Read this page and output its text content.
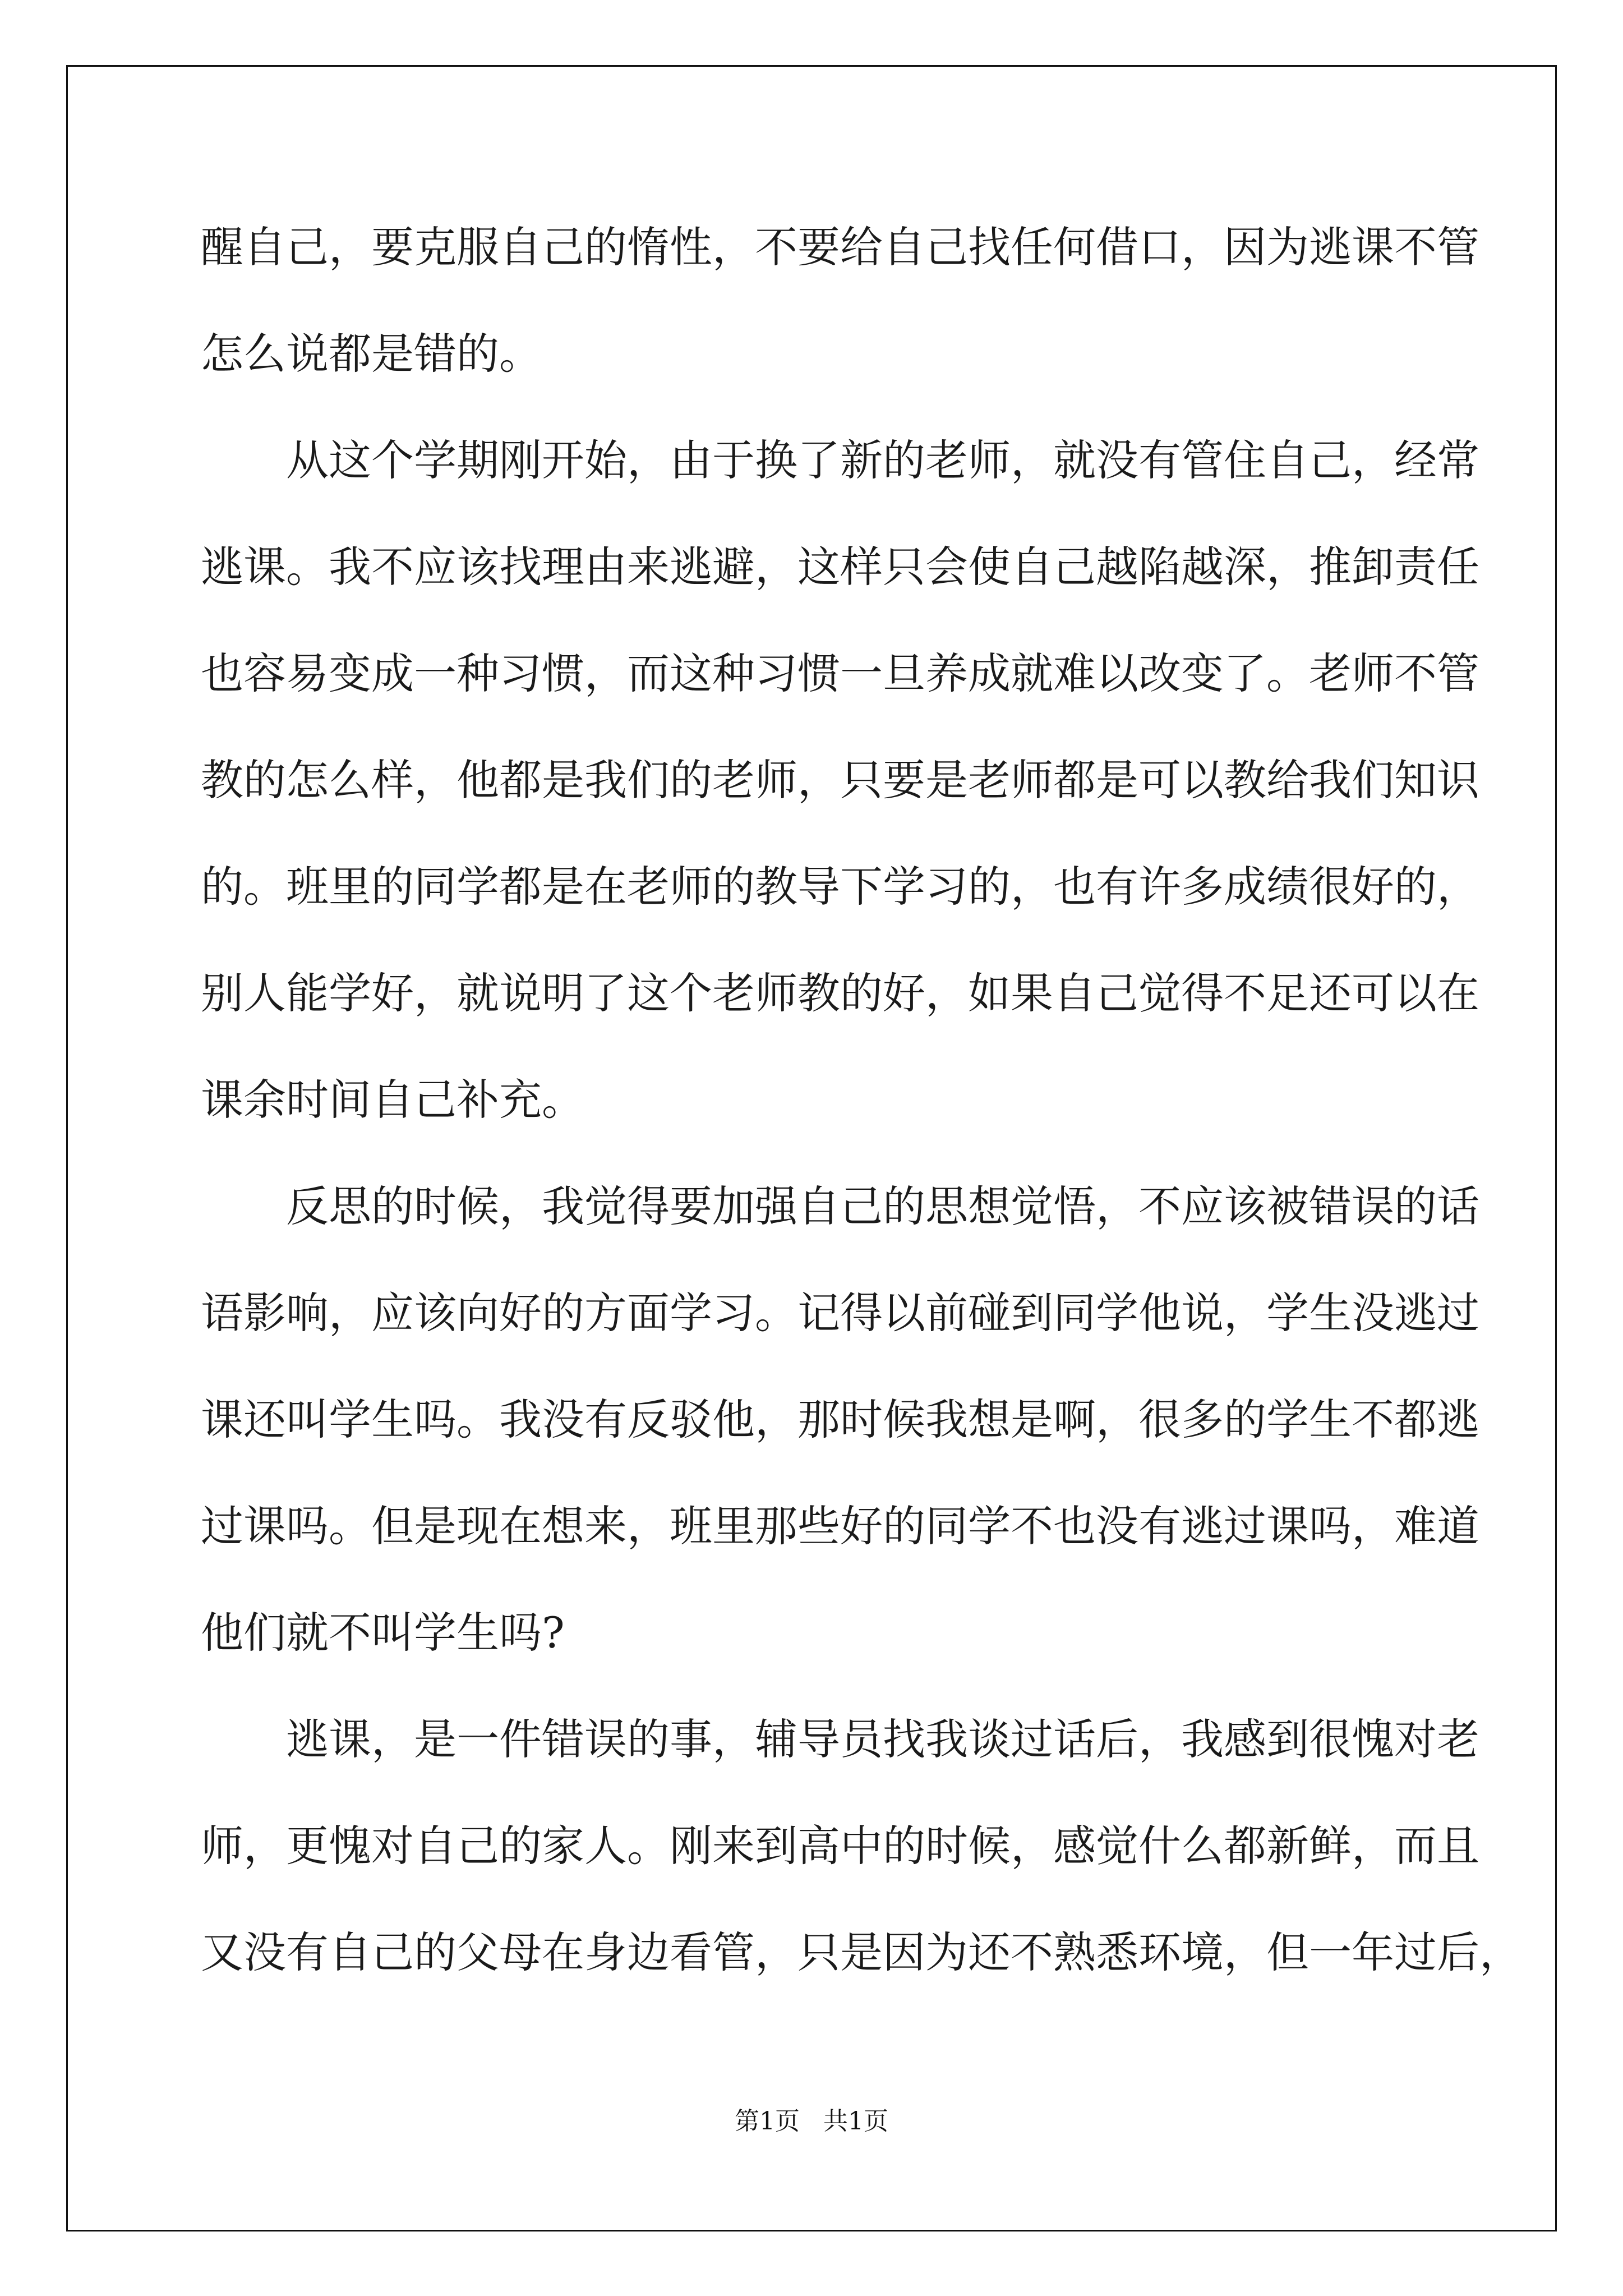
醒自己，要克服自己的惰性，不要给自己找任何借口，因为逃课不管
怎么说都是错的。
　　从这个学期刚开始，由于换了新的老师，就没有管住自己，经常
逃课。我不应该找理由来逃避，这样只会使自己越陷越深，推卸责任
也容易变成一种习惯，而这种习惯一旦养成就难以改变了。老师不管
教的怎么样，他都是我们的老师，只要是老师都是可以教给我们知识
的。班里的同学都是在老师的教导下学习的，也有许多成绩很好的，
别人能学好，就说明了这个老师教的好，如果自己觉得不足还可以在
课余时间自己补充。
　　反思的时候，我觉得要加强自己的思想觉悟，不应该被错误的话
语影响，应该向好的方面学习。记得以前碰到同学他说，学生没逃过
课还叫学生吗。我没有反驳他，那时候我想是啊，很多的学生不都逃
过课吗。但是现在想来，班里那些好的同学不也没有逃过课吗，难道
他们就不叫学生吗?
　　逃课，是一件错误的事，辅导员找我谈过话后，我感到很愧对老
师，更愧对自己的家人。刚来到高中的时候，感觉什么都新鲜，而且
又没有自己的父母在身边看管，只是因为还不熟悉环境，但一年过后，
第1页   共1页
